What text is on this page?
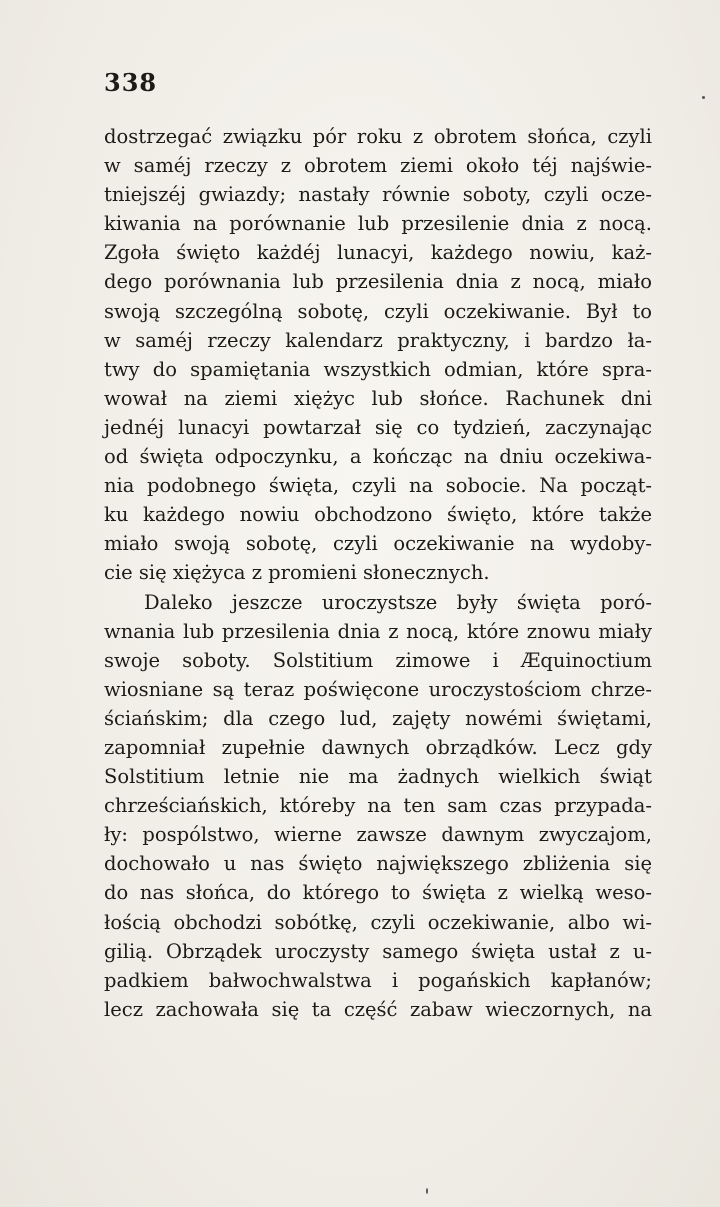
338
dostrzegać związku pór roku z obrotem słońca, czyli
w saméj rzeczy z obrotem ziemi około téj najświe-
tniejszéj gwiazdy; nastały równie soboty, czyli ocze-
kiwania na porównanie lub przesilenie dnia z nocą.
Zgoła święto każdéj lunacyi, każdego nowiu, każ-
dego porównania lub przesilenia dnia z nocą, miało
swoją szczególną sobotę, czyli oczekiwanie. Był to
w saméj rzeczy kalendarz praktyczny, i bardzo ła-
twy do spamiętania wszystkich odmian, które spra-
wował na ziemi xiężyc lub słońce. Rachunek dni
jednéj lunacyi powtarzał się co tydzień, zaczynając
od święta odpoczynku, a kończąc na dniu oczekiwa-
nia podobnego święta, czyli na sobocie. Na począt-
ku każdego nowiu obchodzono święto, które także
miało swoją sobotę, czyli oczekiwanie na wydoby-
cie się xiężyca z promieni słonecznych.
Daleko jeszcze uroczystsze były święta poró-
wnania lub przesilenia dnia z nocą, które znowu miały
swoje soboty. Solstitium zimowe i Æquinoctium
wiosniane są teraz poświęcone uroczystościom chrze-
ściańskim; dla czego lud, zajęty nowémi świętami,
zapomniał zupełnie dawnych obrządków. Lecz gdy
Solstitium letnie nie ma żadnych wielkich świąt
chrześciańskich, któreby na ten sam czas przypada-
ły: pospólstwo, wierne zawsze dawnym zwyczajom,
dochowało u nas święto największego zbliżenia się
do nas słońca, do którego to święta z wielką weso-
łością obchodzi sobótkę, czyli oczekiwanie, albo wi-
gilią. Obrządek uroczysty samego święta ustał z u-
padkiem bałwochwalstwa i pogańskich kapłanów;
lecz zachowała się ta część zabaw wieczornych, na
